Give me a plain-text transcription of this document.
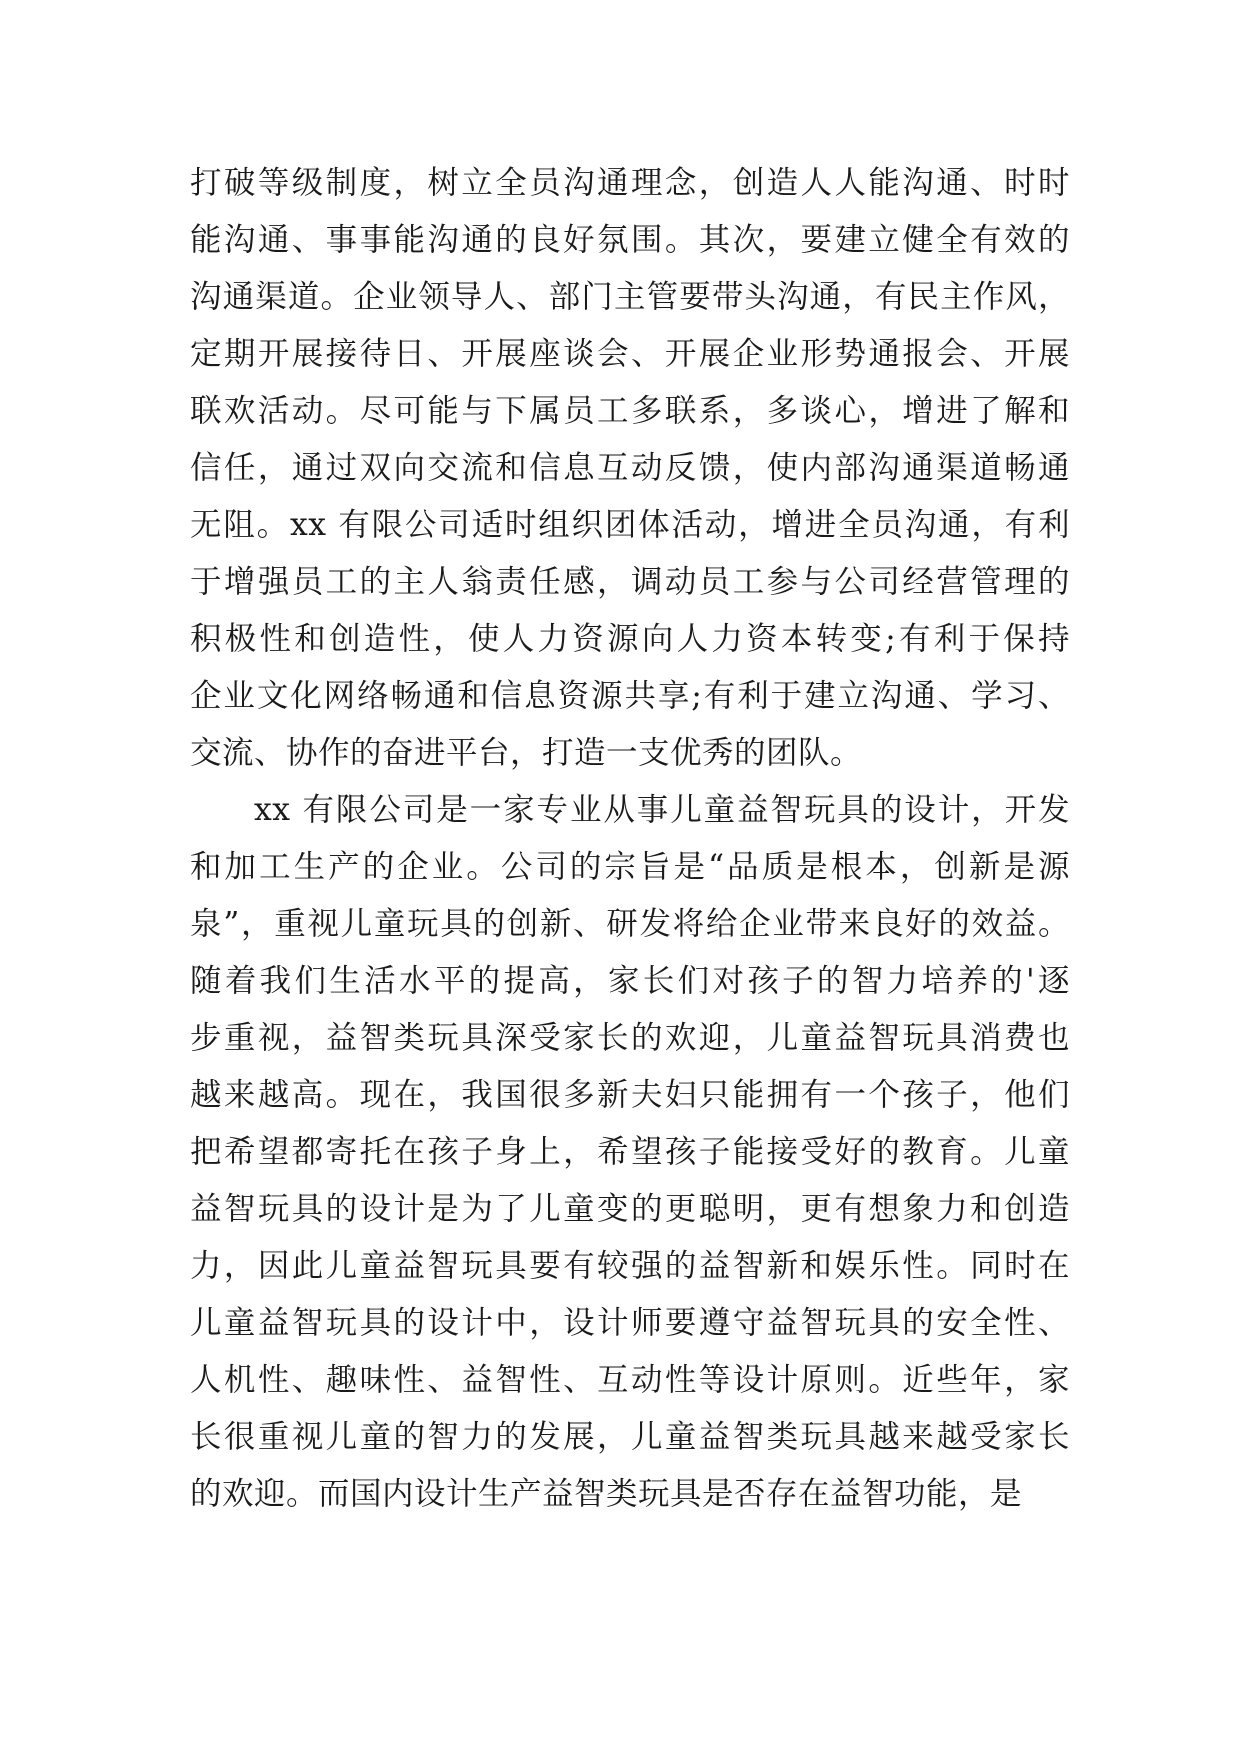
打破等级制度，树立全员沟通理念，创造人人能沟通、时时
能沟通、事事能沟通的良好氛围。其次，要建立健全有效的
沟通渠道。企业领导人、部门主管要带头沟通，有民主作风，
定期开展接待日、开展座谈会、开展企业形势通报会、开展
联欢活动。尽可能与下属员工多联系，多谈心，增进了解和
信任，通过双向交流和信息互动反馈，使内部沟通渠道畅通
无阻。xx 有限公司适时组织团体活动，增进全员沟通，有利
于增强员工的主人翁责任感，调动员工参与公司经营管理的
积极性和创造性，使人力资源向人力资本转变;有利于保持
企业文化网络畅通和信息资源共享;有利于建立沟通、学习、
交流、协作的奋进平台，打造一支优秀的团队。
xx 有限公司是一家专业从事儿童益智玩具的设计，开发
和加工生产的企业。公司的宗旨是“品质是根本，创新是源
泉”，重视儿童玩具的创新、研发将给企业带来良好的效益。
随着我们生活水平的提高，家长们对孩子的智力培养的'逐
步重视，益智类玩具深受家长的欢迎，儿童益智玩具消费也
越来越高。现在，我国很多新夫妇只能拥有一个孩子，他们
把希望都寄托在孩子身上，希望孩子能接受好的教育。儿童
益智玩具的设计是为了儿童变的更聪明，更有想象力和创造
力，因此儿童益智玩具要有较强的益智新和娱乐性。同时在
儿童益智玩具的设计中，设计师要遵守益智玩具的安全性、
人机性、趣味性、益智性、互动性等设计原则。近些年，家
长很重视儿童的智力的发展，儿童益智类玩具越来越受家长
的欢迎。而国内设计生产益智类玩具是否存在益智功能，是
